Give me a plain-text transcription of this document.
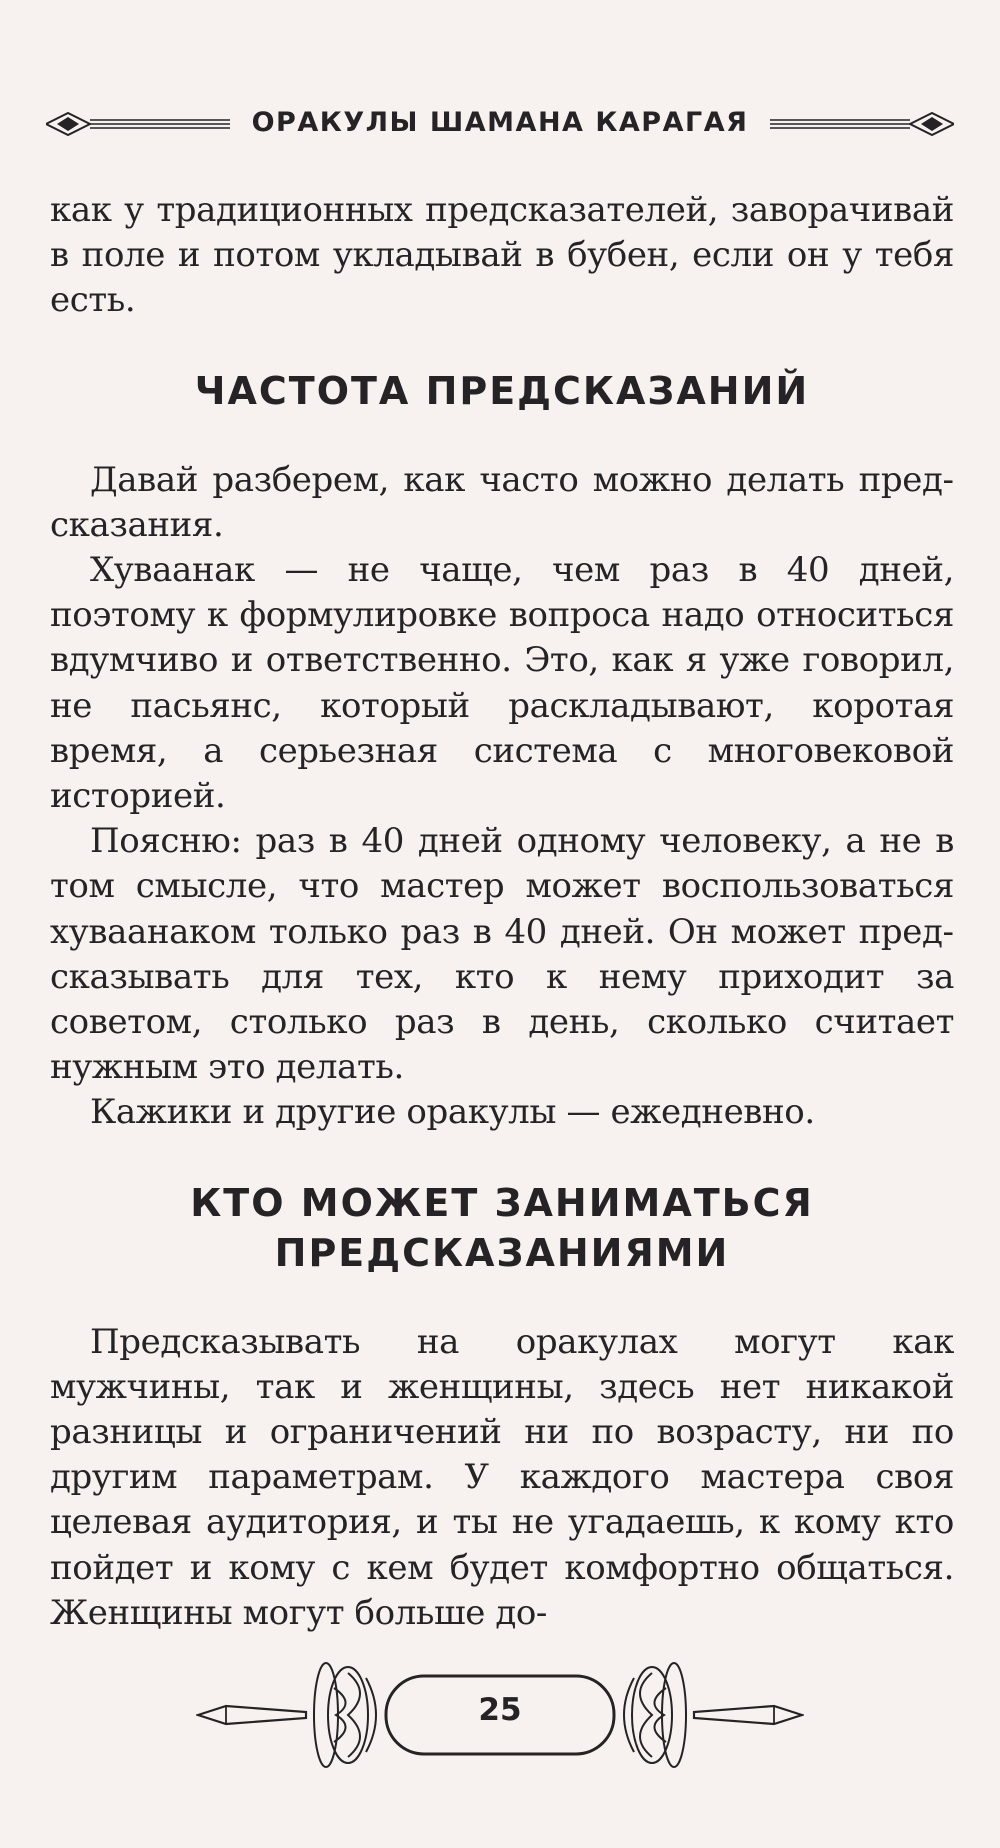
ОРАКУЛЫ ШАМАНА КАРАГАЯ

как у традиционных предсказателей, заворачивай в поле и потом укладывай в бубен, если он у тебя есть.

ЧАСТОТА ПРЕДСКАЗАНИЙ

Давай разберем, как часто можно делать предсказания.

Хуваанак — не чаще, чем раз в 40 дней, поэтому к формулировке вопроса надо относиться вдумчиво и ответственно. Это, как я уже говорил, не пасьянс, который раскладывают, коротая время, а серьезная система с многовековой историей.

Поясню: раз в 40 дней одному человеку, а не в том смысле, что мастер может воспользоваться хуваанаком только раз в 40 дней. Он может предсказывать для тех, кто к нему приходит за советом, столько раз в день, сколько считает нужным это делать.

Кажики и другие оракулы — ежедневно.

КТО МОЖЕТ ЗАНИМАТЬСЯ ПРЕДСКАЗАНИЯМИ

Предсказывать на оракулах могут как мужчины, так и женщины, здесь нет никакой разницы и ограничений ни по возрасту, ни по другим параметрам. У каждого мастера своя целевая аудитория, и ты не угадаешь, к кому кто пойдет и кому с кем будет комфортно общаться. Женщины могут больше до-

25
